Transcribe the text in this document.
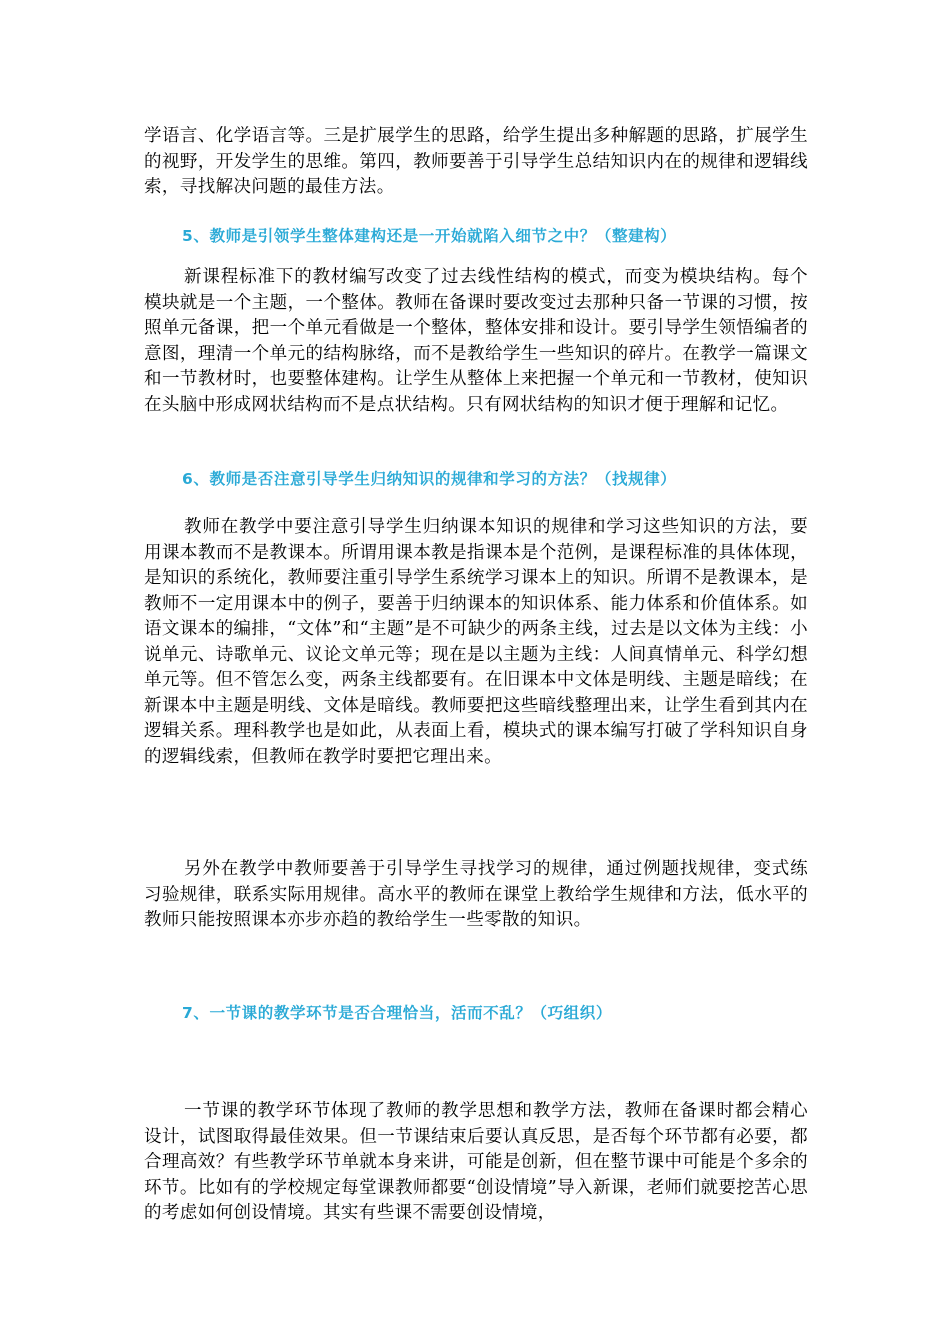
学语言、化学语言等。三是扩展学生的思路，给学生提出多种解题的思路，扩展学生的视野，开发学生的思维。第四，教师要善于引导学生总结知识内在的规律和逻辑线索，寻找解决问题的最佳方法。

5、教师是引领学生整体建构还是一开始就陷入细节之中？（整建构）

新课程标准下的教材编写改变了过去线性结构的模式，而变为模块结构。每个模块就是一个主题，一个整体。教师在备课时要改变过去那种只备一节课的习惯，按照单元备课，把一个单元看做是一个整体，整体安排和设计。要引导学生领悟编者的意图，理清一个单元的结构脉络，而不是教给学生一些知识的碎片。在教学一篇课文和一节教材时，也要整体建构。让学生从整体上来把握一个单元和一节教材，使知识在头脑中形成网状结构而不是点状结构。只有网状结构的知识才便于理解和记忆。

6、教师是否注意引导学生归纳知识的规律和学习的方法？（找规律）

教师在教学中要注意引导学生归纳课本知识的规律和学习这些知识的方法，要用课本教而不是教课本。所谓用课本教是指课本是个范例，是课程标准的具体体现，是知识的系统化，教师要注重引导学生系统学习课本上的知识。所谓不是教课本，是教师不一定用课本中的例子，要善于归纳课本的知识体系、能力体系和价值体系。如语文课本的编排，“文体”和“主题”是不可缺少的两条主线，过去是以文体为主线：小说单元、诗歌单元、议论文单元等；现在是以主题为主线：人间真情单元、科学幻想单元等。但不管怎么变，两条主线都要有。在旧课本中文体是明线、主题是暗线；在新课本中主题是明线、文体是暗线。教师要把这些暗线整理出来，让学生看到其内在逻辑关系。理科教学也是如此，从表面上看，模块式的课本编写打破了学科知识自身的逻辑线索，但教师在教学时要把它理出来。

另外在教学中教师要善于引导学生寻找学习的规律，通过例题找规律，变式练习验规律，联系实际用规律。高水平的教师在课堂上教给学生规律和方法，低水平的教师只能按照课本亦步亦趋的教给学生一些零散的知识。

7、一节课的教学环节是否合理恰当，活而不乱？（巧组织）

一节课的教学环节体现了教师的教学思想和教学方法，教师在备课时都会精心设计，试图取得最佳效果。但一节课结束后要认真反思，是否每个环节都有必要，都合理高效？有些教学环节单就本身来讲，可能是创新，但在整节课中可能是个多余的环节。比如有的学校规定每堂课教师都要“创设情境”导入新课，老师们就要挖苦心思的考虑如何创设情境。其实有些课不需要创设情境，
